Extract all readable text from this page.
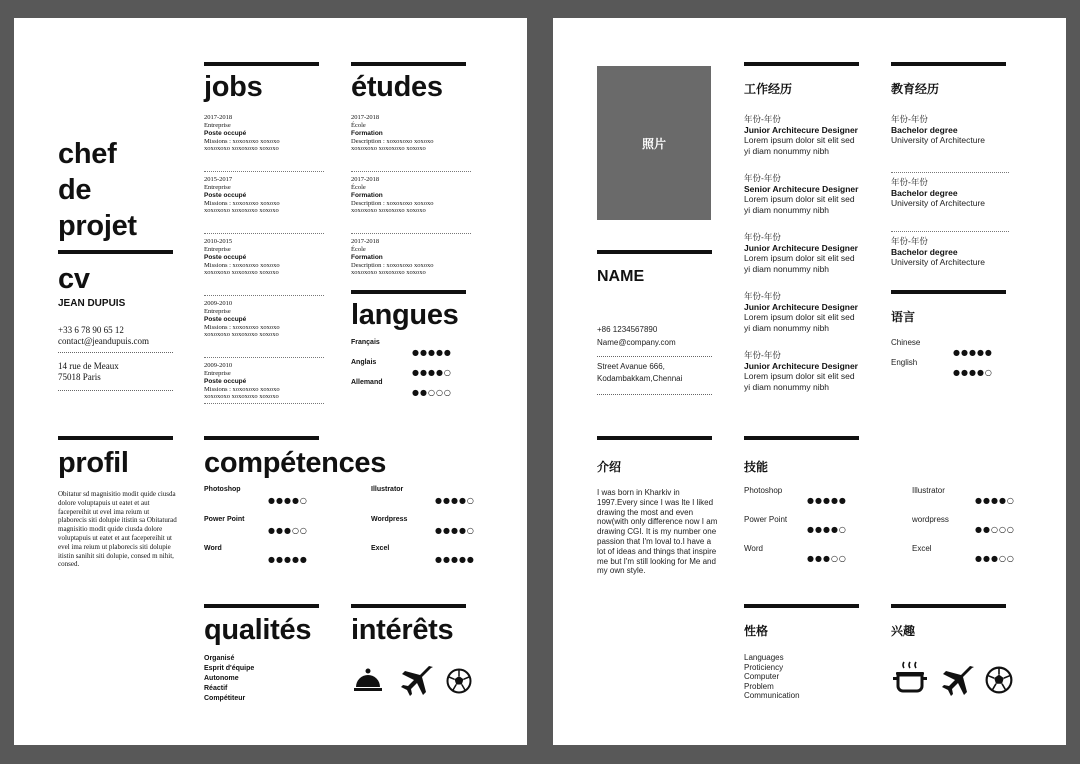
chef
de
projet
cv
JEAN DUPUIS
+33 6 78 90 65 12
contact@jeandupuis.com
14 rue de Meaux
75018 Paris
jobs
2017-2018
Entreprise
Poste occupé
Missions : xoxoxoxo xoxoxo
xoxoxoxo xoxoxoxo xoxoxo
2015-2017
Entreprise
Poste occupé
Missions : xoxoxoxo xoxoxo
xoxoxoxo xoxoxoxo xoxoxo
2010-2015
Entreprise
Poste occupé
Missions : xoxoxoxo xoxoxo
xoxoxoxo xoxoxoxo xoxoxo
2009-2010
Entreprise
Poste occupé
Missions : xoxoxoxo xoxoxo
xoxoxoxo xoxoxoxo xoxoxo
2009-2010
Entreprise
Poste occupé
Missions : xoxoxoxo xoxoxo
xoxoxoxo xoxoxoxo xoxoxo
études
2017-2018
École
Formation
Description : xoxoxoxo xoxoxo
xoxoxoxo xoxoxoxo xoxoxo
2017-2018
École
Formation
Description : xoxoxoxo xoxoxo
xoxoxoxo xoxoxoxo xoxoxo
2017-2018
École
Formation
Description : xoxoxoxo xoxoxo
xoxoxoxo xoxoxoxo xoxoxo
langues
Français
●●●●●
Anglais
●●●●○
Allemand
●●○○○
profil
Obitatur sd magnisitio modit quide ciusda dolore voluptapuis ut eatet et aut facepereihit ut evel ima reium ut plaborecis siti dolupie itistin sa Obitaturad magnisitio modit quide ciusda dolore voluptapuis ut eatet et aut facepereihit ut evel ima reium ut plaborecis siti dolupie itistin sanihit siti dolupie, consed m nihit, consed.
compétences
Photoshop
●●●●○
Illustrator
●●●●○
Power Point
●●●○○
Wordpress
●●●●○
Word
●●●●●
Excel
●●●●●
qualités
Organisé
Esprit d'équipe
Autonome
Réactif
Compétiteur
intérêts
照片
NAME
+86 1234567890
Name@company.com
Street Avanue 666,
Kodambakkam,Chennai
工作经历
年份-年份
Junior Architecure Designer
Lorem ipsum dolor sit elit sed
yi diam nonummy nibh
年份-年份
Senior Architecure Designer
Lorem ipsum dolor sit elit sed
yi diam nonummy nibh
年份-年份
Junior Architecure Designer
Lorem ipsum dolor sit elit sed
yi diam nonummy nibh
年份-年份
Junior Architecure Designer
Lorem ipsum dolor sit elit sed
yi diam nonummy nibh
年份-年份
Junior Architecure Designer
Lorem ipsum dolor sit elit sed
yi diam nonummy nibh
教育经历
年份-年份
Bachelor degree
University of Architecture
年份-年份
Bachelor degree
University of Architecture
年份-年份
Bachelor degree
University of Architecture
语言
Chinese
●●●●●
English
●●●●○
介绍
I was born in Kharkiv in 1997.Every since I was lte I liked drawing the most and even now(with only difference now I am drawing CGI. It is my number one passion that I'm loval to.I have a lot of ideas and things that inspire me but I'm still looking for Me and my own style.
技能
Photoshop
●●●●●
Illustrator
●●●●○
Power Point
●●●●○
wordpress
●●○○○
Word
●●●○○
Excel
●●●○○
性格
Languages
Proticiency
Computer
Problem
Communication
兴趣
